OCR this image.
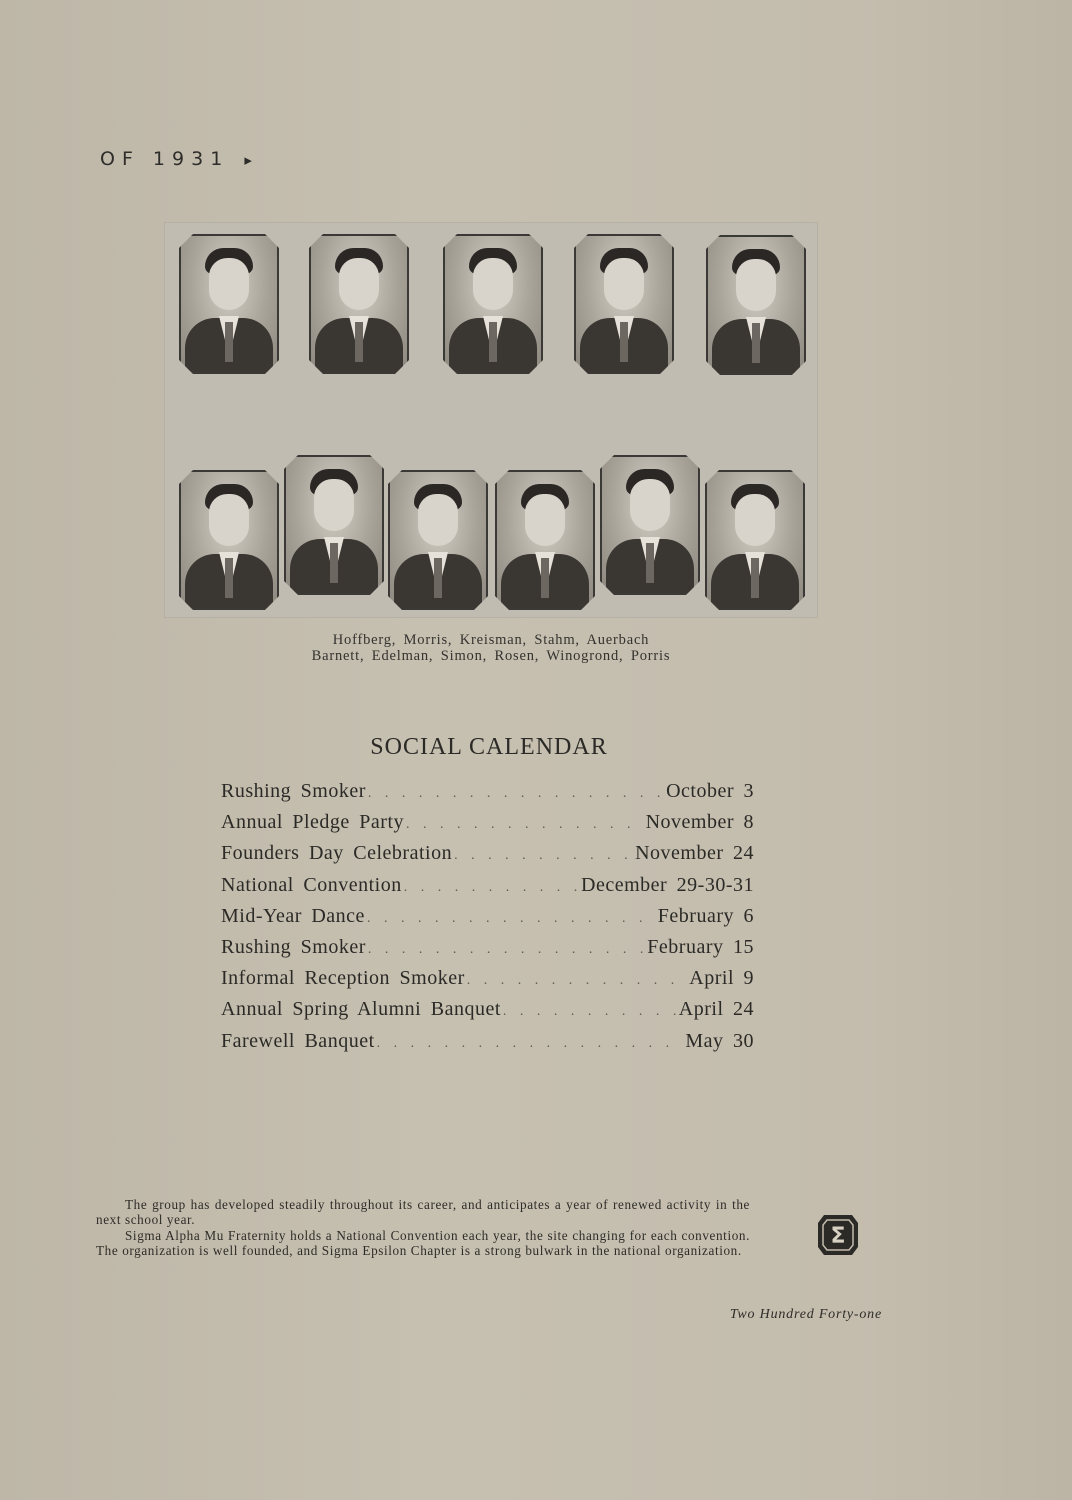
OF 1931 ▸
Hoffberg, Morris, Kreisman, Stahm, Auerbach
Barnett, Edelman, Simon, Rosen, Winogrond, Porris
SOCIAL CALENDAR
Rushing Smoker . . .	October 3
Annual Pledge Party . . .	November 8
Founders Day Celebration . . .	November 24
National Convention . . .	December 29-30-31
Mid-Year Dance . . .	February 6
Rushing Smoker . . .	February 15
Informal Reception Smoker . . .	April 9
Annual Spring Alumni Banquet . . .	April 24
Farewell Banquet . . .	May 30

The group has developed steadily throughout its career, and anticipates a year of renewed activity in the next school year.

Sigma Alpha Mu Fraternity holds a National Convention each year, the site changing for each convention. The organization is well founded, and Sigma Epsilon Chapter is a strong bulwark in the national organization.

Σ
Two Hundred Forty-one
